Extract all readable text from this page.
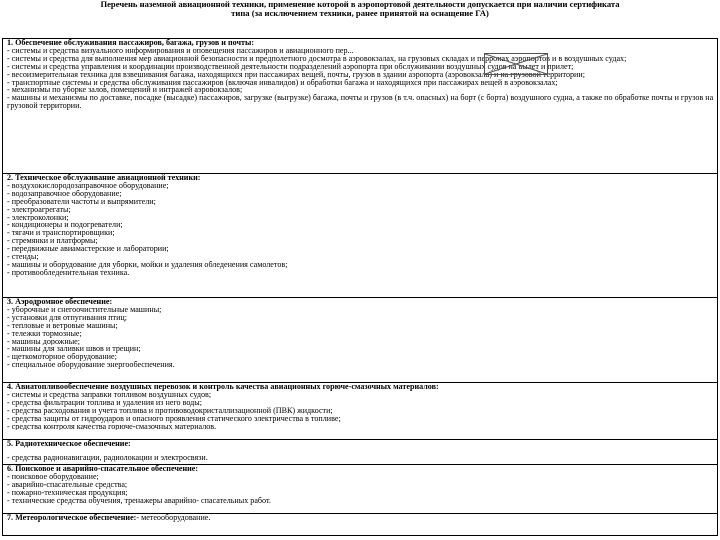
Перечень наземной авиационной техники, применение которой в аэропортовой деятельности допускается при наличии сертификата
типа (за исключением техники, ранее принятой на оснащение ГА)
1. Обеспечение обслуживания пассажиров, багажа, грузов и почты:
- системы и средства визуального информирования и оповещения пассажиров и авиационного пер...
- системы и средства для выполнения мер авиационной безопасности и предполетного досмотра в аэровокзалах, на грузовых складах и перронах аэропортов и в воздушных судах;
- системы и средства управления и координации производственной деятельности подразделений аэропорта при обслуживании воздушных судов на вылет и прилет;
- весоизмерительная техника для взвешивания багажа, находящихся при пассажирах вещей, почты, грузов в здании аэропорта (аэровокзала) и на грузовой территории;
- транспортные системы и средства обслуживания пассажиров (включая инвалидов) и обработки багажа и находящихся при пассажирах вещей в аэровокзалах;
- механизмы по уборке залов, помещений и интражей аэровокзалов;
- машины и механизмы по доставке, посадке (высадке) пассажиров, загрузке (выгрузке) багажа, почты и грузов (в т.ч. опасных) на борт (с борта) воздушного судна, а также по обработке почты и грузов на грузовой территории.
2. Техническое обслуживание авиационной техники:
- воздухокислородозаправочное оборудование;
- водозаправочное оборудование;
- преобразователи частоты и выпрямители;
- электроагрегаты;
- электроколонки;
- кондиционеры и подогреватели;
- тягачи и транспортировщики;
- стремянки и платформы;
- передвижные авиамастерские и лаборатории;
- стенды;
- машины и оборудование для уборки, мойки и удаления обледенения самолетов;
- противообледенительная техника.
3. Аэродромное обеспечение:
- уборочные и снегоочистительные машины;
- установки для отпугивания птиц;
- тепловые и ветровые машины;
- тележки тормозные;
- машины дорожные;
- машины для заливки швов и трещин;
- щеткомоторное оборудование;
- специальное оборудование энергообеспечения.
4. Авиатопливообеспечение воздушных перевозок и контроль качества авиационных горюче-смазочных материалов:
- системы и средства заправки топливом воздушных судов;
- средства фильтрации топлива и удаления из него воды;
- средства расходования и учета топлива и противоводокристаллизационной (ПВК) жидкости;
- средства защиты от гидроударов и опасного проявления статического электричества в топливе;
- средства контроля качества горюче-смазочных материалов.
5. Радиотехническое обеспечение:
- средства радионавигации, радиолокации и электросвязи.
6. Поисковое и аварийно-спасательное обеспечение:
- поисковое оборудование;
- аварийно-спасательные средства;
- пожарно-техническая продукция;
- технические средства обучения, тренажеры аварийно- спасательных работ.
7. Метеорологическое обеспечение:- метеооборудование.
